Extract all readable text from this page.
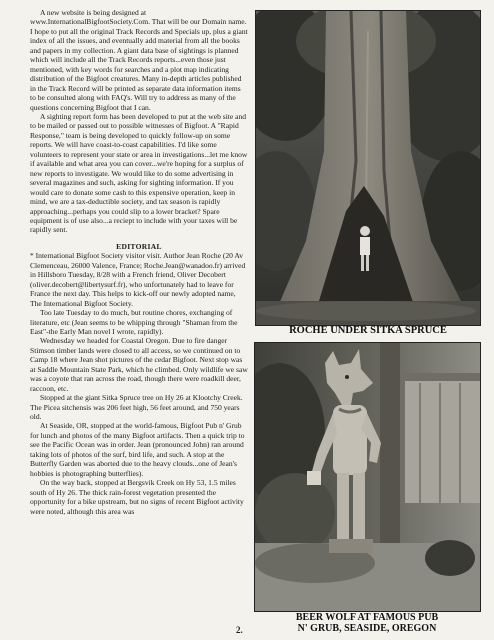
A new website is being designed at www.InternationalBigfootSociety.Com. That will be our Domain name. I hope to put all the original Track Records and Specials up, plus a giant index of all the issues, and eventually add material from all the books and papers in my collection. A giant data base of sightings is planned which will include all the Track Records reports...even those just mentioned, with key words for searches and a plot map indicating distribution of the Bigfoot creatures. Many in-depth articles published in the Track Record will be printed as separate data information items to be consulted along with FAQ's. Will try to address as many of the questions concerning Bigfoot that I can.

A sighting report form has been developed to put at the web site and to be mailed or passed out to possible witnesses of Bigfoot. A "Rapid Response," team is being developed to quickly follow-up on some reports. We will have coast-to-coast capabilities. I'd like some volunteers to represent your state or area in investigations...let me know if available and what area you can cover...we're hoping for a surplus of new reports to investigate. We would like to do some advertising in several magazines and such, asking for sighting information. If you would care to donate some cash to this expensive operation, keep in mind, we are a tax-deductible society, and tax season is rapidly approaching...perhaps you could slip to a lower bracket? Spare equipment is of use also...a reciept to include with your taxes will be rapidly sent.

EDITORIAL

* International Bigfoot Society visitor visit. Author Jean Roche (20 Av Clemenceau, 26000 Valence, France; Roche.Jean@wanadoo.fr) arrived in Hillsboro Tuesday, 8/28 with a French friend, Oliver Decobert (oliver.decobert@libertysurf.fr), who unfortunately had to leave for France the next day. This helps to kick-off our newly adopted name, The International Bigfoot Society.

Too late Tuesday to do much, but routine chores, exchanging of literature, etc (Jean seems to be whipping through "Shaman from the East"-the Early Man novel I wrote, rapidly).

Wednesday we headed for Coastal Oregon. Due to fire danger Stimson timber lands were closed to all access, so we continued on to Camp 18 where Jean shot pictures of the cedar Bigfoot. Next stop was at Saddle Mountain State Park, which he climbed. Only wildlife we saw was a coyote that ran across the road, though there were roadkill deer, raccoon, etc.

Stopped at the giant Sitka Spruce tree on Hy 26 at Klootchy Creek. The Picea sitchensis was 206 feet high, 56 feet around, and 750 years old.

At Seaside, OR, stopped at the world-famous, Bigfoot Pub n' Grub for lunch and photos of the many Bigfoot artifacts. Then a quick trip to see the Pacific Ocean was in order. Jean (pronounced John) ran around taking lots of photos of the surf, bird life, and such. A stop at the Butterfly Garden was aborted due to the heavy clouds...one of Jean's hobbies is photographing butterflies).

On the way back, stopped at Bergsvik Creek on Hy 53, 1.5 miles south of Hy 26. The thick rain-forest vegetation presented the opportunity for a bike upstream, but no signs of recent Bigfoot activity were noted, although this area was

ROCHE UNDER SITKA SPRUCE
BEER WOLF AT FAMOUS PUB
N' GRUB, SEASIDE, OREGON
2.
